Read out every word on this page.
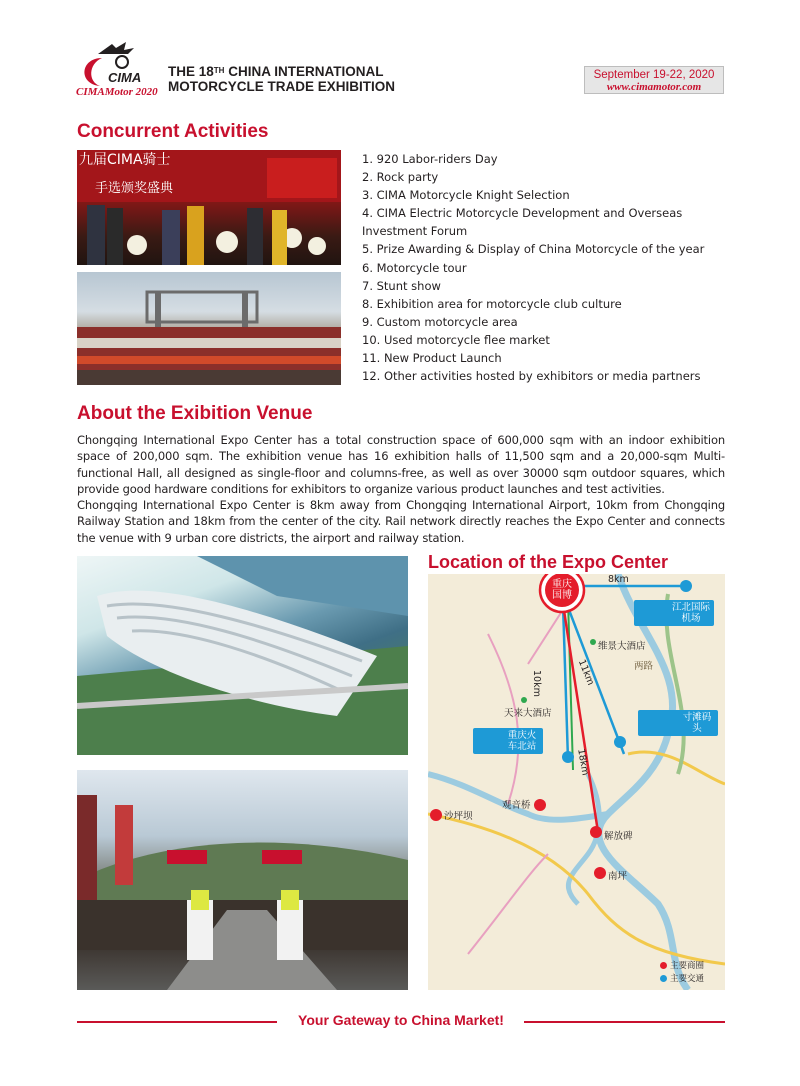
CIMA
CIMAMotor 2020
THE 18TH CHINA INTERNATIONAL
MOTORCYCLE TRADE EXHIBITION
September 19-22, 2020
www.cimamotor.com
Concurrent Activities
九届CIMA骑士
手选颁奖盛典
1. 920 Labor-riders Day
2. Rock party
3. CIMA Motorcycle Knight Selection
4. CIMA Electric Motorcycle Development and Overseas Investment Forum
5. Prize Awarding & Display of China Motorcycle of the year
6. Motorcycle tour
7. Stunt show
8. Exhibition area for motorcycle club culture
9. Custom motorcycle area
10. Used motorcycle flee market
11. New Product Launch
12. Other activities hosted by exhibitors or media partners
About the Exibition Venue

Chongqing International Expo Center has a total construction space of 600,000 sqm with an indoor exhibition space of 200,000 sqm. The exhibition venue has 16 exhibition halls of 11,500 sqm and a 20,000-sqm Multi-functional Hall, all designed as single-floor and columns-free, as well as over 30000 sqm outdoor squares, which provide good hardware conditions for exhibitors to organize various product launches and test activities.

Chongqing International Expo Center is 8km away from Chongqing International Airport, 10km from Chongqing Railway Station and 18km from the center of the city. Rail network directly reaches the Expo Center and connects the venue with 9 urban core districts, the airport and railway station.

Location of the Expo Center
重庆国博
8km
江北国际机场
11km
10km
18km
维景大酒店
天来大酒店
重庆火车北站
寸滩码头
观音桥
沙坪坝
解放碑
南坪
两路
主要商圈
主要交通
Your Gateway to China Market!
